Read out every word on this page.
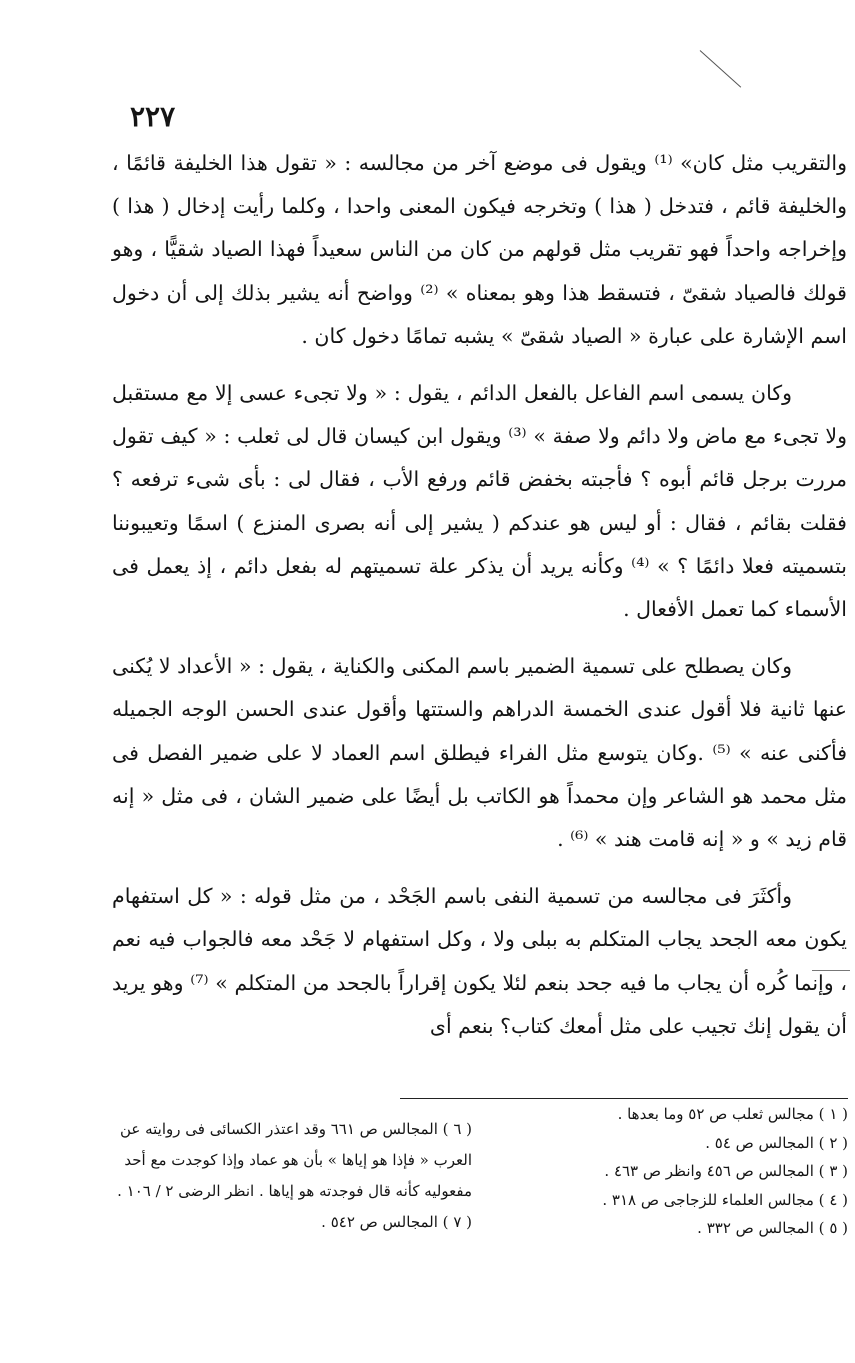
٢٢٧

والتقريب مثل كان» ⁽¹⁾ ويقول فى موضع آخر من مجالسه : « تقول هذا الخليفة قائمًا ، والخليفة قائم ، فتدخل ( هذا ) وتخرجه فيكون المعنى واحدا ، وكلما رأيت إدخال ( هذا ) وإخراجه واحداً فهو تقريب مثل قولهم من كان من الناس سعيداً فهذا الصياد شقيًّا ، وهو قولك فالصياد شقىّ ، فتسقط هذا وهو بمعناه » ⁽²⁾ وواضح أنه يشير بذلك إلى أن دخول اسم الإشارة على عبارة « الصياد شقىّ » يشبه تمامًا دخول كان .

وكان يسمى اسم الفاعل بالفعل الدائم ، يقول : « ولا تجىء عسى إلا مع مستقبل ولا تجىء مع ماض ولا دائم ولا صفة » ⁽³⁾ ويقول ابن كيسان قال لى ثعلب : « كيف تقول مررت برجل قائم أبوه ؟ فأجبته بخفض قائم ورفع الأب ، فقال لى : بأى شىء ترفعه ؟ فقلت بقائم ، فقال : أو ليس هو عندكم ( يشير إلى أنه بصرى المنزع ) اسمًا وتعيبوننا بتسميته فعلا دائمًا ؟ » ⁽⁴⁾ وكأنه يريد أن يذكر علة تسميتهم له بفعل دائم ، إذ يعمل فى الأسماء كما تعمل الأفعال .

وكان يصطلح على تسمية الضمير باسم المكنى والكناية ، يقول : « الأعداد لا يُكنى عنها ثانية فلا أقول عندى الخمسة الدراهم والستتها وأقول عندى الحسن الوجه الجميله فأكنى عنه » ⁽⁵⁾ .وكان يتوسع مثل الفراء فيطلق اسم العماد لا على ضمير الفصل فى مثل محمد هو الشاعر وإن محمداً هو الكاتب بل أيضًا على ضمير الشان ، فى مثل « إنه قام زيد » و « إنه قامت هند » ⁽⁶⁾ .

وأكثَرَ فى مجالسه من تسمية النفى باسم الجَحْد ، من مثل قوله : « كل استفهام يكون معه الجحد يجاب المتكلم به ببلى ولا ، وكل استفهام لا جَحْد معه فالجواب فيه نعم ، وإنما كُره أن يجاب ما فيه جحد بنعم لئلا يكون إقراراً بالجحد من المتكلم » ⁽⁷⁾ وهو يريد أن يقول إنك تجيب على مثل أمعك كتاب؟ بنعم أى

( ١ ) مجالس ثعلب ص ٥٢ وما بعدها .

( ٢ ) المجالس ص ٥٤ .

( ٣ ) المجالس ص ٤٥٦ وانظر ص ٤٦٣ .

( ٤ ) مجالس العلماء للزجاجى ص ٣١٨ .

( ٥ ) المجالس ص ٣٣٢ .

( ٦ ) المجالس ص ٦٦١ وقد اعتذر الكسائى فى روايته عن العرب « فإذا هو إياها » بأن هو عماد وإذا كوجدت مع أحد مفعوليه كأنه قال فوجدته هو إياها . انظر الرضى ٢ / ١٠٦ .

( ٧ ) المجالس ص ٥٤٢ .
